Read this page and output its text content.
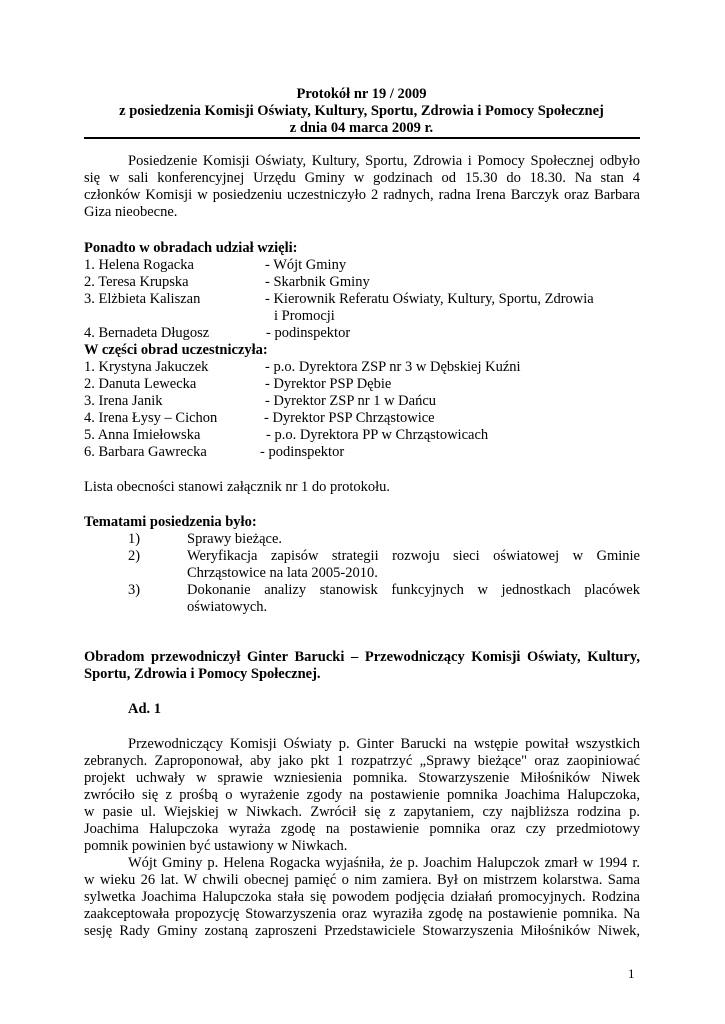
Protokół nr 19 / 2009
z posiedzenia Komisji Oświaty, Kultury, Sportu, Zdrowia i Pomocy Społecznej
z dnia 04 marca 2009 r.
Posiedzenie Komisji Oświaty, Kultury, Sportu, Zdrowia i Pomocy Społecznej odbyło
się w sali konferencyjnej Urzędu Gminy w godzinach od 15.30 do 18.30. Na stan 4
członków Komisji w posiedzeniu uczestniczyło 2 radnych, radna Irena Barczyk oraz Barbara
Giza nieobecne.
Ponadto w obradach udział wzięli:
1. Helena Rogacka	- Wójt Gminy
2. Teresa Krupska	- Skarbnik Gminy
3. Elżbieta Kaliszan	- Kierownik Referatu Oświaty, Kultury, Sportu, Zdrowia
i Promocji
4. Bernadeta Długosz	- podinspektor
W części obrad uczestniczyła:
1. Krystyna Jakuczek	- p.o. Dyrektora ZSP nr 3 w Dębskiej Kuźni
2. Danuta Lewecka	- Dyrektor PSP Dębie
3. Irena Janik	- Dyrektor ZSP nr 1 w Dańcu
4. Irena Łysy – Cichon	- Dyrektor PSP Chrząstowice
5. Anna Imiełowska	- p.o. Dyrektora PP w Chrząstowicach
6. Barbara Gawrecka	- podinspektor
Lista obecności stanowi załącznik nr 1 do protokołu.
Tematami posiedzenia było:
1)	Sprawy bieżące.
2)	Weryfikacja zapisów strategii rozwoju sieci oświatowej w Gminie
Chrząstowice na lata 2005-2010.
3)	Dokonanie analizy stanowisk funkcyjnych w jednostkach placówek
oświatowych.
Obradom przewodniczył Ginter Barucki – Przewodniczący Komisji Oświaty, Kultury,
Sportu, Zdrowia i Pomocy Społecznej.
Ad. 1
Przewodniczący Komisji Oświaty p. Ginter Barucki na wstępie powitał wszystkich
zebranych. Zaproponował, aby jako pkt 1 rozpatrzyć „Sprawy bieżące" oraz zaopiniować
projekt uchwały w sprawie wzniesienia pomnika. Stowarzyszenie Miłośników Niwek
zwróciło się z prośbą o wyrażenie zgody na postawienie pomnika Joachima Halupczoka,
w pasie ul. Wiejskiej w Niwkach. Zwrócił się z zapytaniem, czy najbliższa rodzina p.
Joachima Halupczoka wyraża zgodę na postawienie pomnika oraz czy przedmiotowy
pomnik powinien być ustawiony w Niwkach.
Wójt Gminy p. Helena Rogacka wyjaśniła, że p. Joachim Halupczok zmarł w 1994 r.
w wieku 26 lat. W chwili obecnej pamięć o nim zamiera. Był on mistrzem kolarstwa. Sama
sylwetka Joachima Halupczoka stała się powodem podjęcia działań promocyjnych. Rodzina
zaakceptowała propozycję Stowarzyszenia oraz wyraziła zgodę na postawienie pomnika. Na
sesję Rady Gminy zostaną zaproszeni Przedstawiciele Stowarzyszenia Miłośników Niwek,
1
